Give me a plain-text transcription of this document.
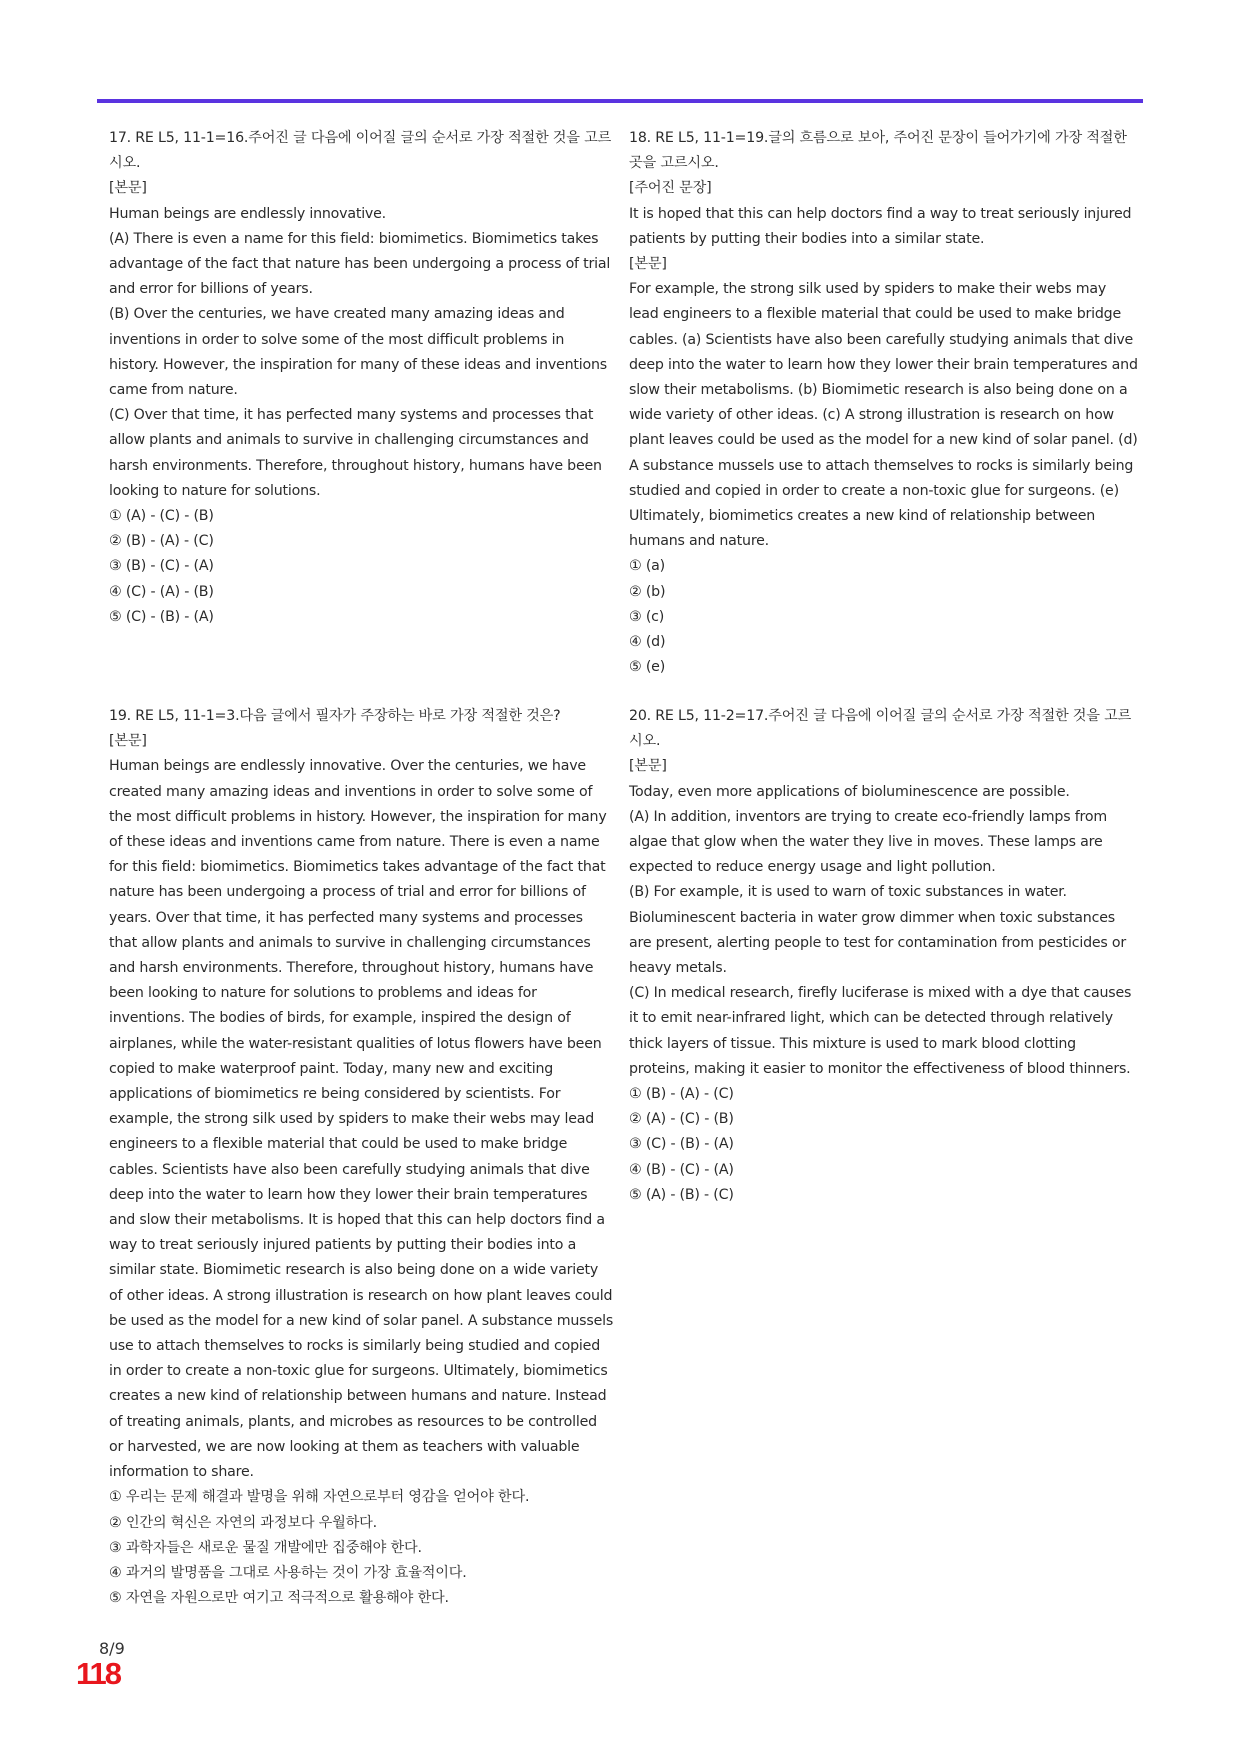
17. RE L5, 11-1=16.주어진 글 다음에 이어질 글의 순서로 가장 적절한 것을 고르시오.

[본문]

Human beings are endlessly innovative.

(A) There is even a name for this field: biomimetics. Biomimetics takes advantage of the fact that nature has been undergoing a process of trial and error for billions of years.

(B) Over the centuries, we have created many amazing ideas and inventions in order to solve some of the most difficult problems in history. However, the inspiration for many of these ideas and inventions came from nature.

(C) Over that time, it has perfected many systems and processes that allow plants and animals to survive in challenging circumstances and harsh environments. Therefore, throughout history, humans have been looking to nature for solutions.

① (A) - (C) - (B)

② (B) - (A) - (C)

③ (B) - (C) - (A)

④ (C) - (A) - (B)

⑤ (C) - (B) - (A)

18. RE L5, 11-1=19.글의 흐름으로 보아, 주어진 문장이 들어가기에 가장 적절한 곳을 고르시오.

[주어진 문장]

It is hoped that this can help doctors find a way to treat seriously injured patients by putting their bodies into a similar state.

[본문]

For example, the strong silk used by spiders to make their webs may lead engineers to a flexible material that could be used to make bridge cables. (a) Scientists have also been carefully studying animals that dive deep into the water to learn how they lower their brain temperatures and slow their metabolisms. (b) Biomimetic research is also being done on a wide variety of other ideas. (c) A strong illustration is research on how plant leaves could be used as the model for a new kind of solar panel. (d) A substance mussels use to attach themselves to rocks is similarly being studied and copied in order to create a non-toxic glue for surgeons. (e) Ultimately, biomimetics creates a new kind of relationship between humans and nature.

① (a)

② (b)

③ (c)

④ (d)

⑤ (e)

19. RE L5, 11-1=3.다음 글에서 필자가 주장하는 바로 가장 적절한 것은?

[본문]

Human beings are endlessly innovative. Over the centuries, we have created many amazing ideas and inventions in order to solve some of the most difficult problems in history. However, the inspiration for many of these ideas and inventions came from nature. There is even a name for this field: biomimetics. Biomimetics takes advantage of the fact that nature has been undergoing a process of trial and error for billions of years. Over that time, it has perfected many systems and processes that allow plants and animals to survive in challenging circumstances and harsh environments. Therefore, throughout history, humans have been looking to nature for solutions to problems and ideas for inventions. The bodies of birds, for example, inspired the design of airplanes, while the water-resistant qualities of lotus flowers have been copied to make waterproof paint. Today, many new and exciting applications of biomimetics re being considered by scientists. For example, the strong silk used by spiders to make their webs may lead engineers to a flexible material that could be used to make bridge cables. Scientists have also been carefully studying animals that dive deep into the water to learn how they lower their brain temperatures and slow their metabolisms. It is hoped that this can help doctors find a way to treat seriously injured patients by putting their bodies into a similar state. Biomimetic research is also being done on a wide variety of other ideas. A strong illustration is research on how plant leaves could be used as the model for a new kind of solar panel. A substance mussels use to attach themselves to rocks is similarly being studied and copied in order to create a non-toxic glue for surgeons. Ultimately, biomimetics creates a new kind of relationship between humans and nature. Instead of treating animals, plants, and microbes as resources to be controlled or harvested, we are now looking at them as teachers with valuable information to share.

① 우리는 문제 해결과 발명을 위해 자연으로부터 영감을 얻어야 한다.

② 인간의 혁신은 자연의 과정보다 우월하다.

③ 과학자들은 새로운 물질 개발에만 집중해야 한다.

④ 과거의 발명품을 그대로 사용하는 것이 가장 효율적이다.

⑤ 자연을 자원으로만 여기고 적극적으로 활용해야 한다.

20. RE L5, 11-2=17.주어진 글 다음에 이어질 글의 순서로 가장 적절한 것을 고르시오.

[본문]

Today, even more applications of bioluminescence are possible.

(A) In addition, inventors are trying to create eco-friendly lamps from algae that glow when the water they live in moves. These lamps are expected to reduce energy usage and light pollution.

(B) For example, it is used to warn of toxic substances in water. Bioluminescent bacteria in water grow dimmer when toxic substances are present, alerting people to test for contamination from pesticides or heavy metals.

(C) In medical research, firefly luciferase is mixed with a dye that causes it to emit near-infrared light, which can be detected through relatively thick layers of tissue. This mixture is used to mark blood clotting proteins, making it easier to monitor the effectiveness of blood thinners.

① (B) - (A) - (C)

② (A) - (C) - (B)

③ (C) - (B) - (A)

④ (B) - (C) - (A)

⑤ (A) - (B) - (C)

8/9
118
